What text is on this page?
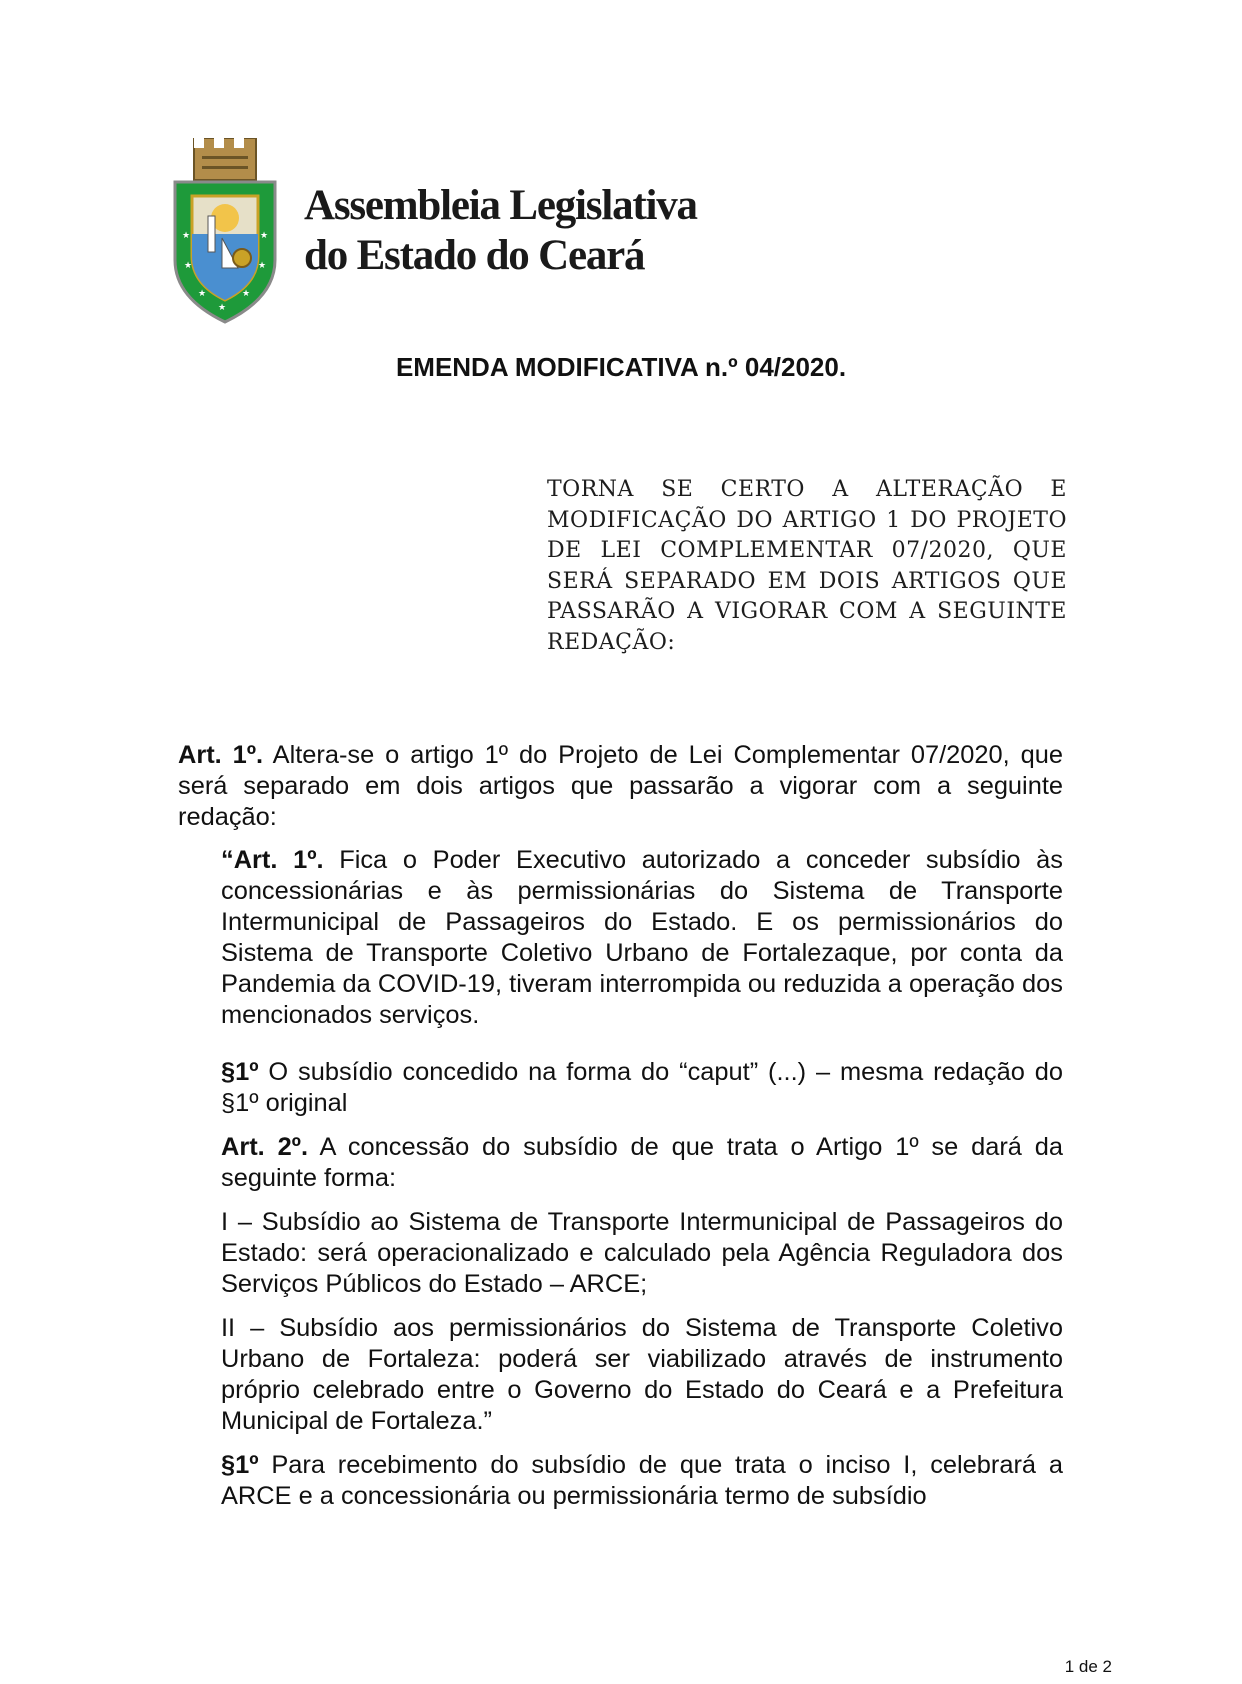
★	★
★	★
★
★
★
Assembleia Legislativa
do Estado do Ceará
EMENDA MODIFICATIVA n.º 04/2020.
TORNA SE CERTO A ALTERAÇÃO E MODIFICAÇÃO DO ARTIGO 1 DO PROJETO DE LEI COMPLEMENTAR 07/2020, QUE SERÁ SEPARADO EM DOIS ARTIGOS QUE PASSARÃO A VIGORAR COM A SEGUINTE REDAÇÃO:

Art. 1º. Altera-se o artigo 1º do Projeto de Lei Complementar 07/2020, que será separado em dois artigos que passarão a vigorar com a seguinte redação:

“Art. 1º. Fica o Poder Executivo autorizado a conceder subsídio às concessionárias e às permissionárias do Sistema de Transporte Intermunicipal de Passageiros do Estado. E os permissionários do Sistema de Transporte Coletivo Urbano de Fortalezaque, por conta da Pandemia da COVID-19, tiveram interrompida ou reduzida a operação dos mencionados serviços.

§1º O subsídio concedido na forma do “caput” (...) – mesma redação do §1º original

Art. 2º. A concessão do subsídio de que trata o Artigo 1º se dará da seguinte forma:

I – Subsídio ao Sistema de Transporte Intermunicipal de Passageiros do Estado: será operacionalizado e calculado pela Agência Reguladora dos Serviços Públicos do Estado – ARCE;

II – Subsídio aos permissionários do Sistema de Transporte Coletivo Urbano de Fortaleza: poderá ser viabilizado através de instrumento próprio celebrado entre o Governo do Estado do Ceará e a Prefeitura Municipal de Fortaleza.”

§1º Para recebimento do subsídio de que trata o inciso I, celebrará a ARCE e a concessionária ou permissionária termo de subsídio

1 de 2
